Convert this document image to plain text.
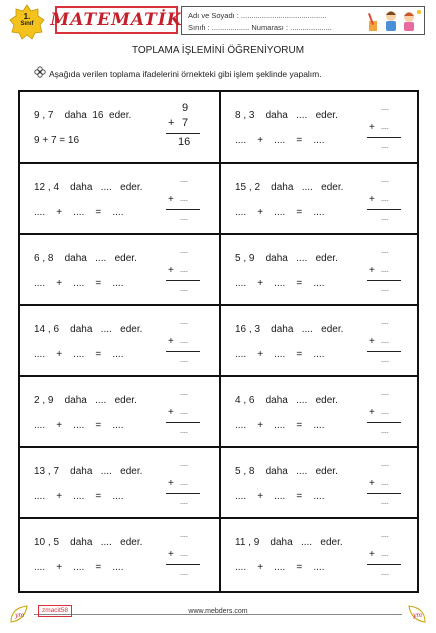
1.
Sınıf MATEMATİK Adı ve Soyadı : .........................................
Sınıfı : .................. Numarası : ....................
TOPLAMA İŞLEMİNİ ÖĞRENİYORUM
Aşağıda verilen toplama ifadelerini örnekteki gibi işlem şeklinde yapalım.
9 , 7    daha  16  eder.
9 + 7 = 16
9
+ 7
16
8 , 3    daha   ....   eder.
....    +    ....    =    ....
....
+ ....
....
12 , 4    daha   ....   eder.
....    +    ....    =    ....
....
+ ....
....
15 , 2    daha   ....   eder.
....    +    ....    =    ....
....
+ ....
....
6 , 8    daha   ....   eder.
....    +    ....    =    ....
....
+ ....
....
5 , 9    daha   ....   eder.
....    +    ....    =    ....
....
+ ....
....
14 , 6    daha   ....   eder.
....    +    ....    =    ....
....
+ ....
....
16 , 3    daha   ....   eder.
....    +    ....    =    ....
....
+ ....
....
2 , 9    daha   ....   eder.
....    +    ....    =    ....
....
+ ....
....
4 , 6    daha   ....   eder.
....    +    ....    =    ....
....
+ ....
....
13 , 7    daha   ....   eder.
....    +    ....    =    ....
....
+ ....
....
5 , 8    daha   ....   eder.
....    +    ....    =    ....
....
+ ....
....
10 , 5    daha   ....   eder.
....    +    ....    =    ....
....
+ ....
....
11 , 9    daha   ....   eder.
....    +    ....    =    ....
....
+ ....
....
ym
zmacit58	www.mebders.com
ym
